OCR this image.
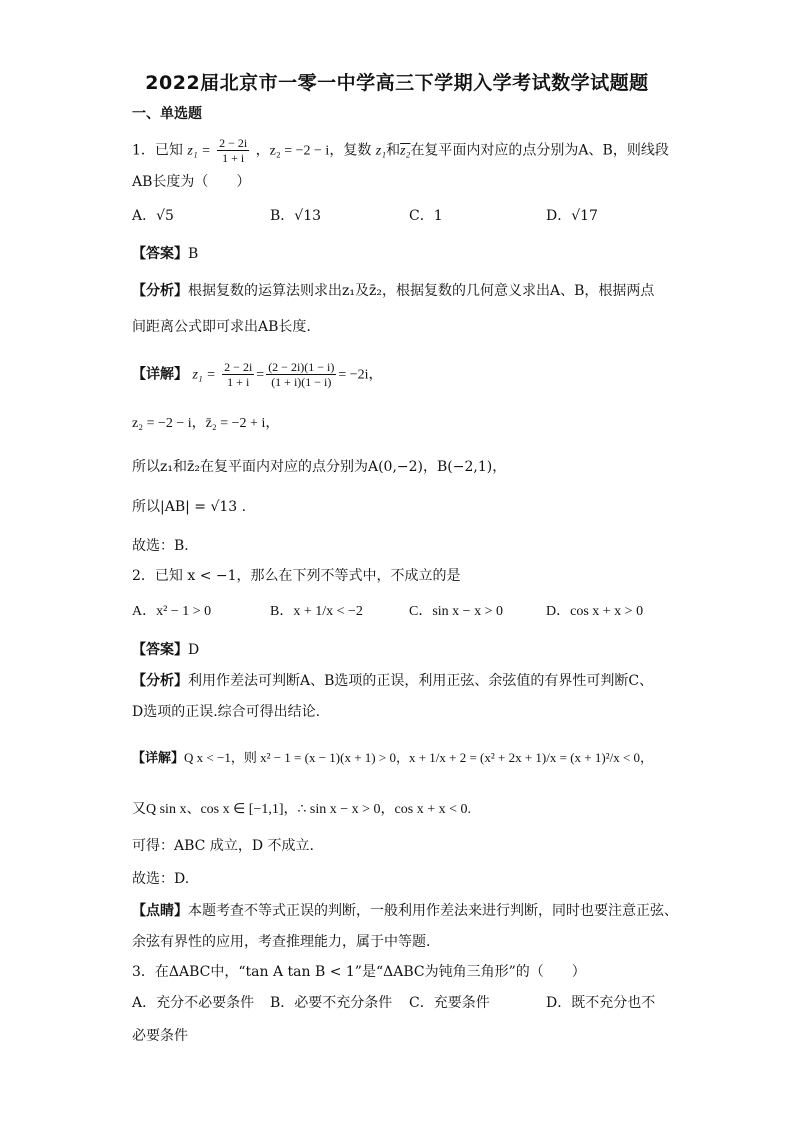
2022届北京市一零一中学高三下学期入学考试数学试题题
一、单选题
1．已知 $z_1 = \frac{2 - 2i}{1 + i}$ ，z₂ = −2 − i，复数 z₁和z₂在复平面内对应的点分别为A、B，则线段
AB长度为（　　）
A．√5	B．√13	C．1	D．√17
【答案】B
【分析】根据复数的运算法则求出z₁及z̄₂，根据复数的几何意义求出A、B，根据两点
间距离公式即可求出AB长度.
【详解】 $z_1 = \frac{2 - 2i}{1 + i} = \frac{(2 - 2i)(1 - i)}{(1 + i)(1 - i)} = -2i$，
z₂ = −2 − i，z̄₂ = −2 + i，
所以z₁和z̄₂在复平面内对应的点分别为A(0,−2)，B(−2,1)，
所以|AB| = √13 .
故选：B.
2．已知 x < −1，那么在下列不等式中，不成立的是
A．x² − 1 > 0	B．x + 1/x < −2	C．sin x − x > 0	D．cos x + x > 0
【答案】D
【分析】利用作差法可判断A、B选项的正误，利用正弦、余弦值的有界性可判断C、
D选项的正误.综合可得出结论.
【详解】Q x < −1，则 x² − 1 = (x − 1)(x + 1) > 0，x + 1/x + 2 = (x² + 2x + 1)/x = (x + 1)²/x < 0，
又Q sin x、cos x ∈ [−1,1]，∴ sin x − x > 0，cos x + x < 0.
可得：ABC 成立，D 不成立.
故选：D.
【点睛】本题考查不等式正误的判断，一般利用作差法来进行判断，同时也要注意正弦、
余弦有界性的应用，考查推理能力，属于中等题.
3．在ΔABC中，“tan A tan B < 1”是“ΔABC为钝角三角形”的（　　）
A．充分不必要条件 B．必要不充分条件 C．充要条件	D．既不充分也不
必要条件
